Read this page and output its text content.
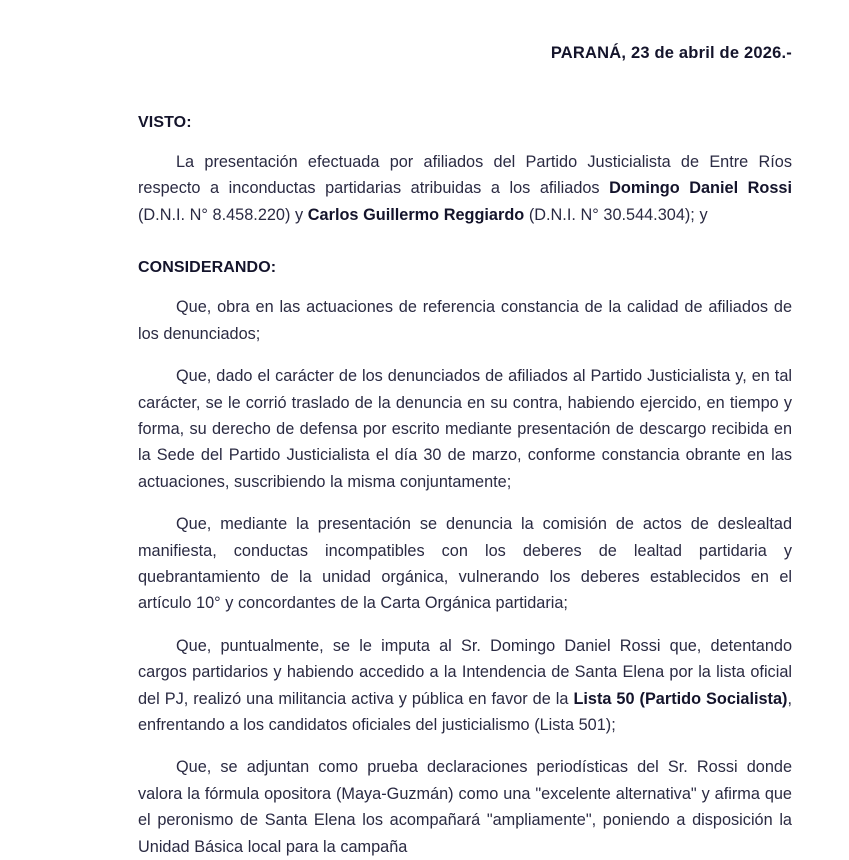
PARANÁ, 23 de abril de 2026.-

VISTO:

La presentación efectuada por afiliados del Partido Justicialista de Entre Ríos respecto a inconductas partidarias atribuidas a los afiliados Domingo Daniel Rossi (D.N.I. N° 8.458.220) y Carlos Guillermo Reggiardo (D.N.I. N° 30.544.304); y

CONSIDERANDO:

Que, obra en las actuaciones de referencia constancia de la calidad de afiliados de los denunciados;

Que, dado el carácter de los denunciados de afiliados al Partido Justicialista y, en tal carácter, se le corrió traslado de la denuncia en su contra, habiendo ejercido, en tiempo y forma, su derecho de defensa por escrito mediante presentación de descargo recibida en la Sede del Partido Justicialista el día 30 de marzo, conforme constancia obrante en las actuaciones, suscribiendo la misma conjuntamente;

Que, mediante la presentación se denuncia la comisión de actos de deslealtad manifiesta, conductas incompatibles con los deberes de lealtad partidaria y quebrantamiento de la unidad orgánica, vulnerando los deberes establecidos en el artículo 10° y concordantes de la Carta Orgánica partidaria;

Que, puntualmente, se le imputa al Sr. Domingo Daniel Rossi que, detentando cargos partidarios y habiendo accedido a la Intendencia de Santa Elena por la lista oficial del PJ, realizó una militancia activa y pública en favor de la Lista 50 (Partido Socialista), enfrentando a los candidatos oficiales del justicialismo (Lista 501);

Que, se adjuntan como prueba declaraciones periodísticas del Sr. Rossi donde valora la fórmula opositora (Maya-Guzmán) como una "excelente alternativa" y afirma que el peronismo de Santa Elena los acompañará "ampliamente", poniendo a disposición la Unidad Básica local para la campaña
